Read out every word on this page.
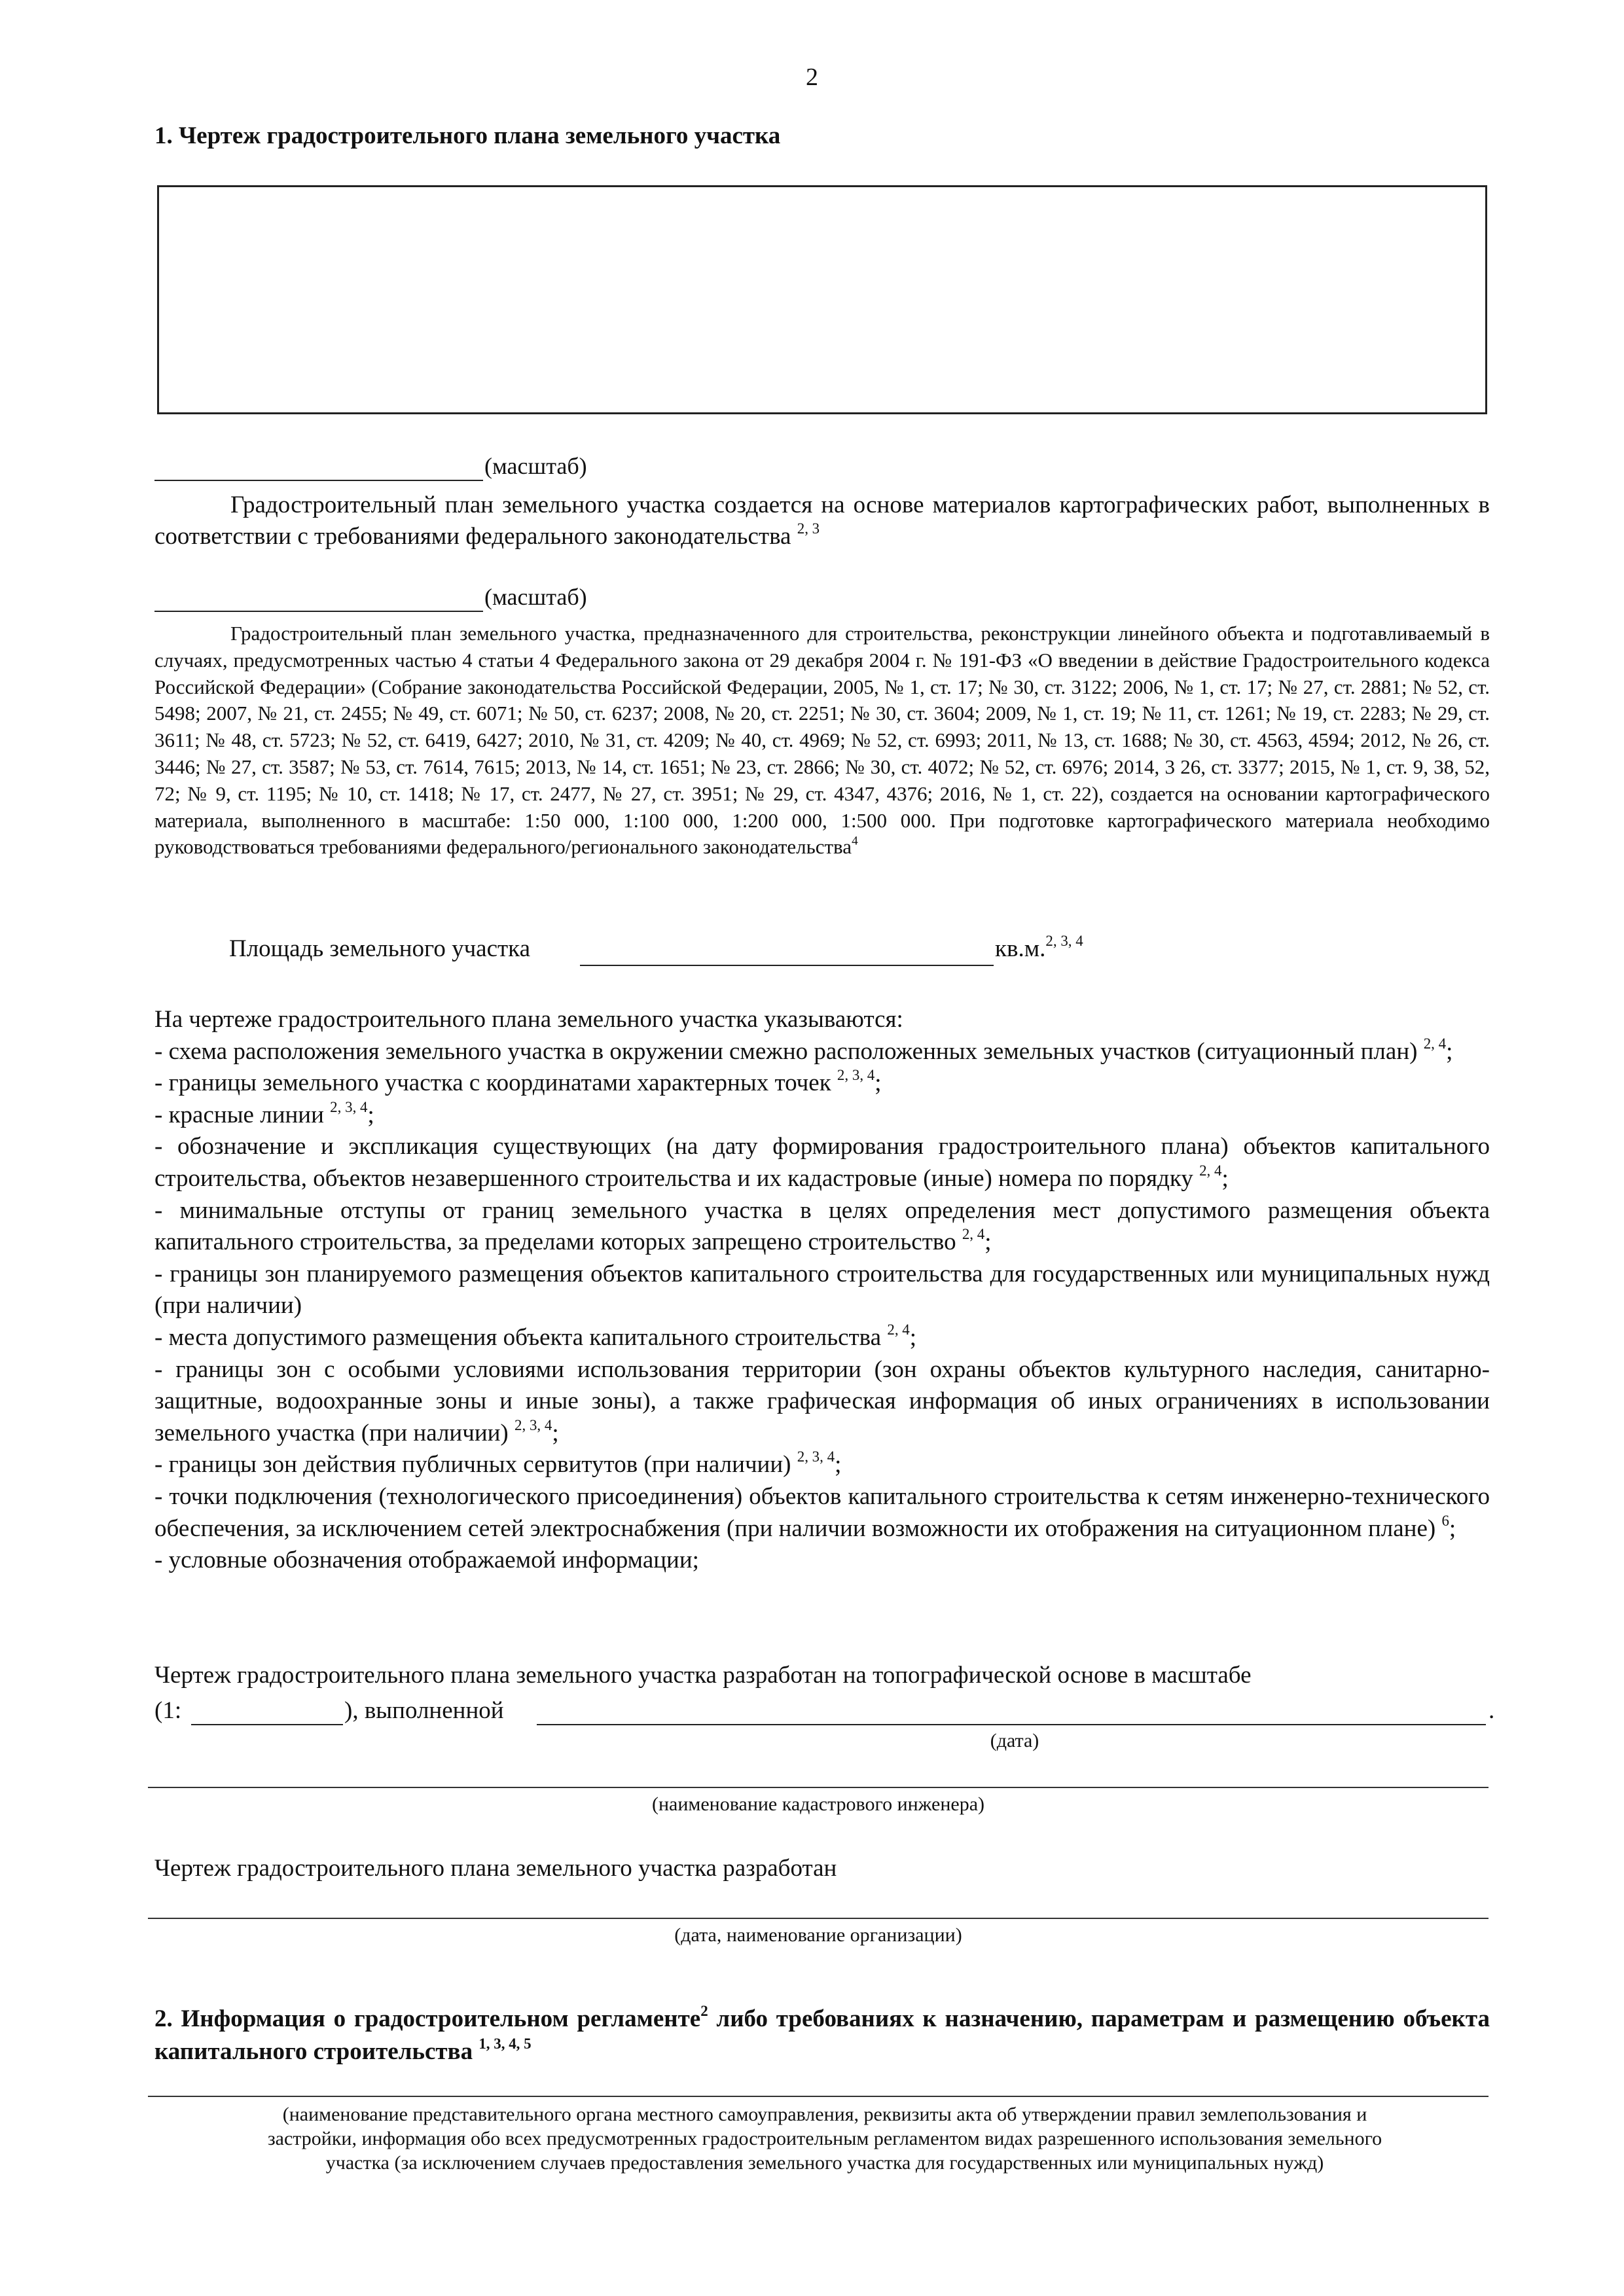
2
1. Чертеж градостроительного плана земельного участка
(масштаб)
Градостроительный план земельного участка создается на основе материалов картографических работ, выполненных в соответствии с требованиями федерального законодательства $^{2, 3}$
(масштаб)
Градостроительный план земельного участка, предназначенного для строительства, реконструкции линейного объекта и подготавливаемый в случаях, предусмотренных частью 4 статьи 4 Федерального закона от 29 декабря 2004 г. № 191-ФЗ «О введении в действие Градостроительного кодекса Российской Федерации» (Собрание законодательства Российской Федерации, 2005, № 1, ст. 17; № 30, ст. 3122; 2006, № 1, ст. 17; № 27, ст. 2881; № 52, ст. 5498; 2007, № 21, ст. 2455; № 49, ст. 6071; № 50, ст. 6237; 2008, № 20, ст. 2251; № 30, ст. 3604; 2009, № 1, ст. 19; № 11, ст. 1261; № 19, ст. 2283; № 29, ст. 3611; № 48, ст. 5723; № 52, ст. 6419, 6427; 2010, № 31, ст. 4209; № 40, ст. 4969; № 52, ст. 6993; 2011, № 13, ст. 1688; № 30, ст. 4563, 4594; 2012, № 26, ст. 3446; № 27, ст. 3587; № 53, ст. 7614, 7615; 2013, № 14, ст. 1651; № 23, ст. 2866; № 30, ст. 4072; № 52, ст. 6976; 2014, 3 26, ст. 3377; 2015, № 1, ст. 9, 38, 52, 72; № 9, ст. 1195; № 10, ст. 1418; № 17, ст. 2477, № 27, ст. 3951; № 29, ст. 4347, 4376; 2016, № 1, ст. 22), создается на основании картографического материала, выполненного в масштабе: 1:50 000, 1:100 000, 1:200 000, 1:500 000. При подготовке картографического материала необходимо руководствоваться требованиями федерального/регионального законодательства$^4$
Площадь земельного участка	кв.м.$^{2, 3, 4}$
На чертеже градостроительного плана земельного участка указываются:
- схема расположения земельного участка в окружении смежно расположенных земельных участков (ситуационный план) $^{2, 4}$;
- границы земельного участка с координатами характерных точек $^{2, 3, 4}$;
- красные линии $^{2, 3, 4}$;
- обозначение и экспликация существующих (на дату формирования градостроительного плана) объектов капитального строительства, объектов незавершенного строительства и их кадастровые (иные) номера по порядку $^{2, 4}$;
- минимальные отступы от границ земельного участка в целях определения мест допустимого размещения объекта капитального строительства, за пределами которых запрещено строительство $^{2, 4}$;
- границы зон планируемого размещения объектов капитального строительства для государственных или муниципальных нужд (при наличии)
- места допустимого размещения объекта капитального строительства $^{2, 4}$;
- границы зон с особыми условиями использования территории (зон охраны объектов культурного наследия, санитарно-защитные, водоохранные зоны и иные зоны), а также графическая информация об иных ограничениях в использовании земельного участка (при наличии) $^{2, 3, 4}$;
- границы зон действия публичных сервитутов (при наличии) $^{2, 3, 4}$;
- точки подключения (технологического присоединения) объектов капитального строительства к сетям инженерно-технического обеспечения, за исключением сетей электроснабжения (при наличии возможности их отображения на ситуационном плане) $^6$;
- условные обозначения отображаемой информации;
Чертеж градостроительного плана земельного участка разработан на топографической основе в масштабе
(1:	), выполненной	.
(дата)
(наименование кадастрового инженера)
Чертеж градостроительного плана земельного участка разработан
(дата, наименование организации)
2. Информация о градостроительном регламенте$^2$ либо требованиях к назначению, параметрам и размещению объекта капитального строительства $^{1, 3, 4, 5}$
(наименование представительного органа местного самоуправления, реквизиты акта об утверждении правил землепользования и застройки, информация обо всех предусмотренных градостроительным регламентом видах разрешенного использования земельного участка (за исключением случаев предоставления земельного участка для государственных или муниципальных нужд)
